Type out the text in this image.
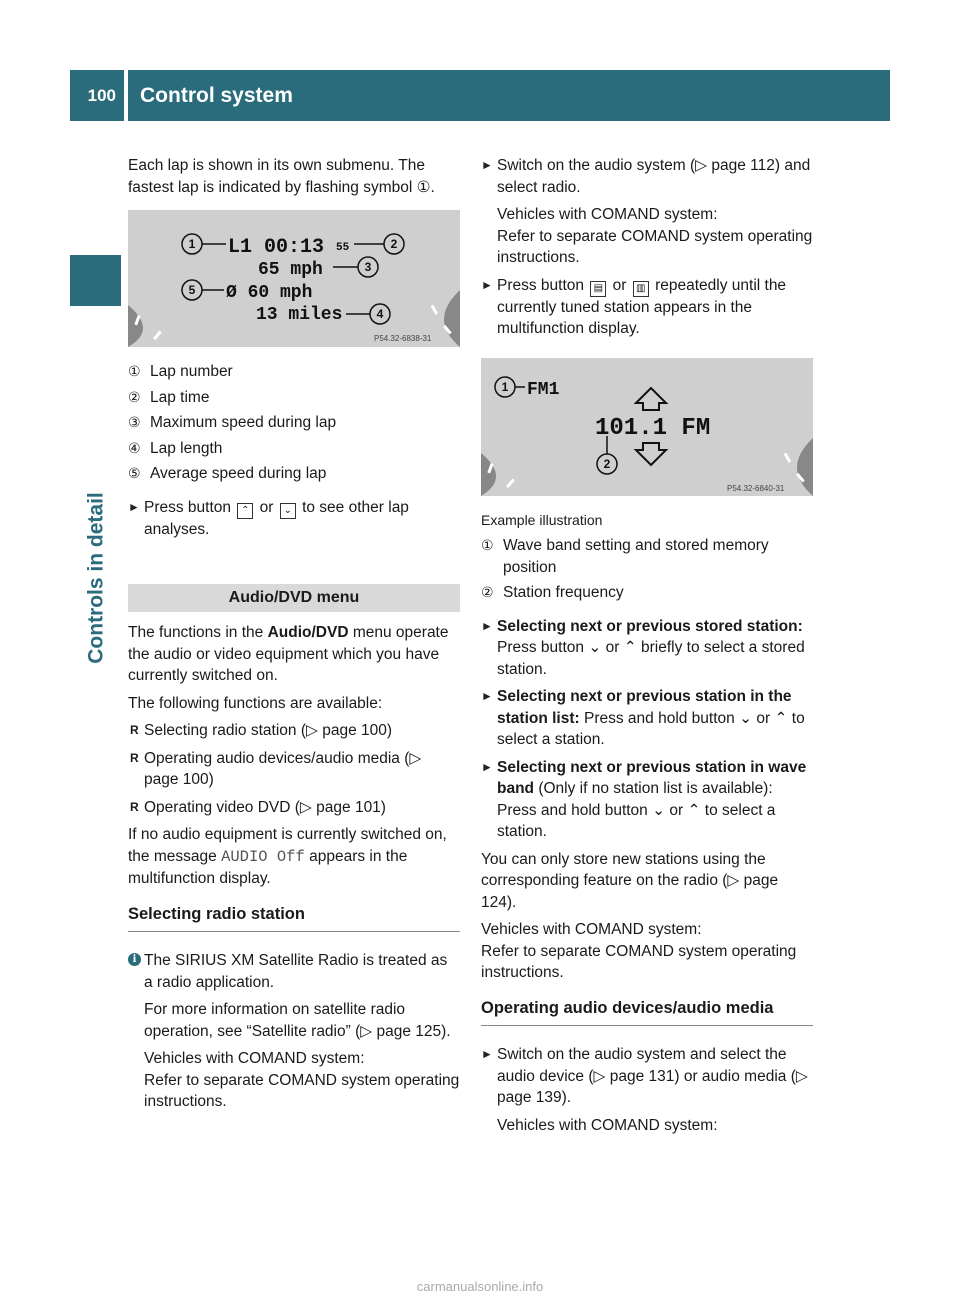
100 Control system
Controls in detail

Each lap is shown in its own submenu. The fastest lap is indicated by flashing symbol ①.

L1 00:13 55
65 mph
Ø 60 mph
13 miles
1	2
3
4
5
P54.32-6838-31
① Lap number
② Lap time
③ Maximum speed during lap
④ Lap length
⑤ Average speed during lap
► Press button ⌃ or ⌄ to see other lap analyses.
Audio/DVD menu

The functions in the Audio/DVD menu operate the audio or video equipment which you have currently switched on.

The following functions are available:

R Selecting radio station (▷ page 100)
R Operating audio devices/audio media (▷ page 100)
R Operating video DVD (▷ page 101)

If no audio equipment is currently switched on, the message AUDIO Off appears in the multifunction display.

Selecting radio station
i The SIRIUS XM Satellite Radio is treated as a radio application.

For more information on satellite radio operation, see “Satellite radio” (▷ page 125).

Vehicles with COMAND system:
Refer to separate COMAND system operating instructions.

► Switch on the audio system (▷ page 112) and select radio.

Vehicles with COMAND system:
Refer to separate COMAND system operating instructions.

► Press button ▤ or ▥ repeatedly until the currently tuned station appears in the multifunction display.
FM1
101.1 FM
1
2
P54.32-6840-31
Example illustration
① Wave band setting and stored memory position
② Station frequency
► Selecting next or previous stored station: Press button ⌄ or ⌃ briefly to select a stored station.
► Selecting next or previous station in the station list: Press and hold button ⌄ or ⌃ to select a station.
► Selecting next or previous station in wave band (Only if no station list is available): Press and hold button ⌄ or ⌃ to select a station.

You can only store new stations using the corresponding feature on the radio (▷ page 124).

Vehicles with COMAND system:
Refer to separate COMAND system operating instructions.

Operating audio devices/audio media
► Switch on the audio system and select the audio device (▷ page 131) or audio media (▷ page 139).

Vehicles with COMAND system:

carmanualsonline.info
